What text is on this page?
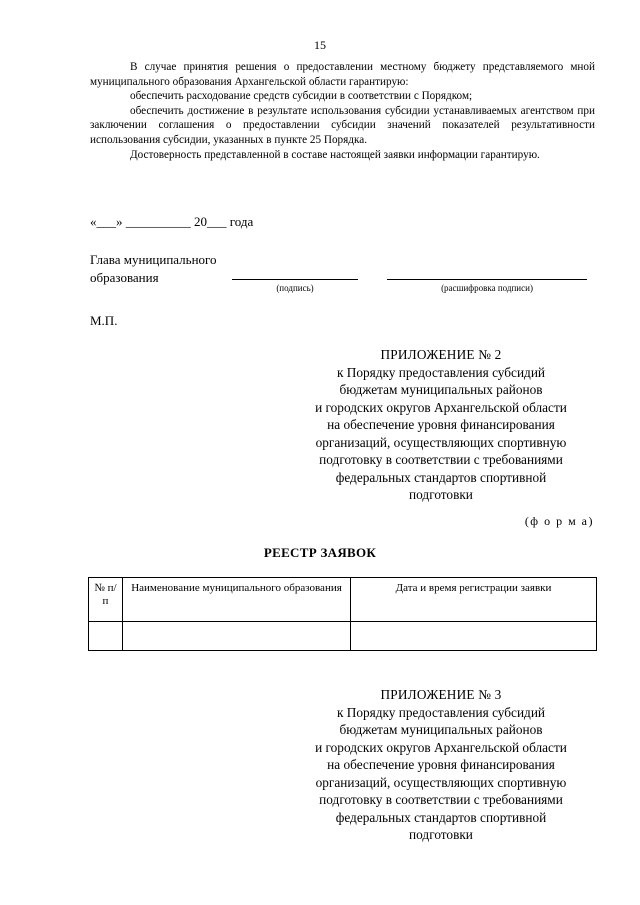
15

В случае принятия решения о предоставлении местному бюджету представляемого мной муниципального образования Архангельской области гарантирую:

обеспечить расходование средств субсидии в соответствии с Порядком;

обеспечить достижение в результате использования субсидии устанавливаемых агентством при заключении соглашения о предоставлении субсидии значений показателей результативности использования субсидии, указанных в пункте 25 Порядка.

Достоверность представленной в составе настоящей заявки информации гарантирую.

«___» __________ 20___ года
Глава муниципального
образования
(подпись)	(расшифровка подписи)
М.П.
ПРИЛОЖЕНИЕ № 2
к Порядку предоставления субсидий
бюджетам муниципальных районов
и городских округов Архангельской области
на обеспечение уровня финансирования
организаций, осуществляющих спортивную
подготовку в соответствии с требованиями
федеральных стандартов спортивной
подготовки
(ф о р м а)
РЕЕСТР ЗАЯВОК
№ п/п	Наименование муниципального образования	Дата и время регистрации заявки

ПРИЛОЖЕНИЕ № 3
к Порядку предоставления субсидий
бюджетам муниципальных районов
и городских округов Архангельской области
на обеспечение уровня финансирования
организаций, осуществляющих спортивную
подготовку в соответствии с требованиями
федеральных стандартов спортивной
подготовки
